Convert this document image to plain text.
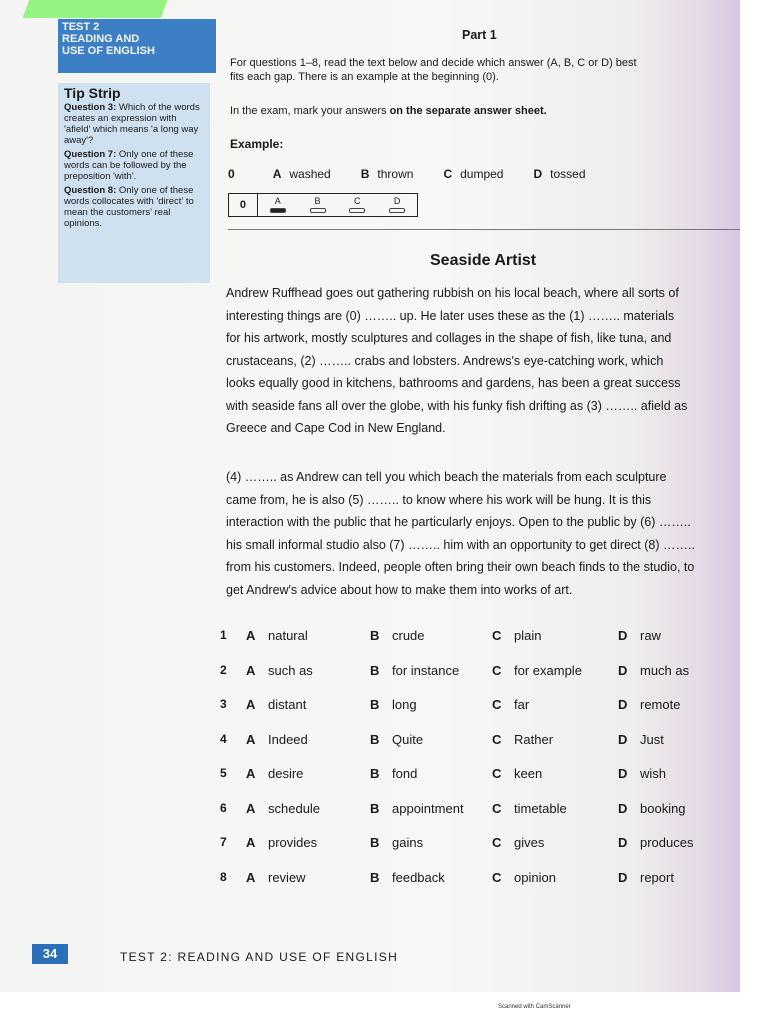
TEST 2
READING AND
USE OF ENGLISH
Tip Strip
Question 3: Which of the words creates an expression with 'afield' which means 'a long way away'?
Question 7: Only one of these words can be followed by the preposition 'with'.
Question 8: Only one of these words collocates with 'direct' to mean the customers' real opinions.
Part 1
For questions 1–8, read the text below and decide which answer (A, B, C or D) best
fits each gap. There is an example at the beginning (0).
In the exam, mark your answers on the separate answer sheet.
Example:
0	A washed	B thrown	C dumped	D tossed
0	A	B	C	D
Seaside Artist
Andrew Ruffhead goes out gathering rubbish on his local beach, where all sorts of
interesting things are (0) …….. up. He later uses these as the (1) …….. materials
for his artwork, mostly sculptures and collages in the shape of fish, like tuna, and
crustaceans, (2) …….. crabs and lobsters. Andrews's eye-catching work, which
looks equally good in kitchens, bathrooms and gardens, has been a great success
with seaside fans all over the globe, with his funky fish drifting as (3) …….. afield as
Greece and Cape Cod in New England.
(4) …….. as Andrew can tell you which beach the materials from each sculpture
came from, he is also (5) …….. to know where his work will be hung. It is this
interaction with the public that he particularly enjoys. Open to the public by (6) ……..
his small informal studio also (7) …….. him with an opportunity to get direct (8) ……..
from his customers. Indeed, people often bring their own beach finds to the studio, to
get Andrew's advice about how to make them into works of art.
1 A natural	B crude	C plain	D raw
2 A such as	B for instance	C for example	D much as
3 A distant	B long	C far	D remote
4 A Indeed	B Quite	C Rather	D Just
5 A desire	B fond	C keen	D wish
6 A schedule	B appointment C timetable	D booking
7 A provides	B gains	C gives	D produces
8 A review	B feedback	C opinion	D report
34	TEST 2: READING AND USE OF ENGLISH
Scanned with CamScanner
